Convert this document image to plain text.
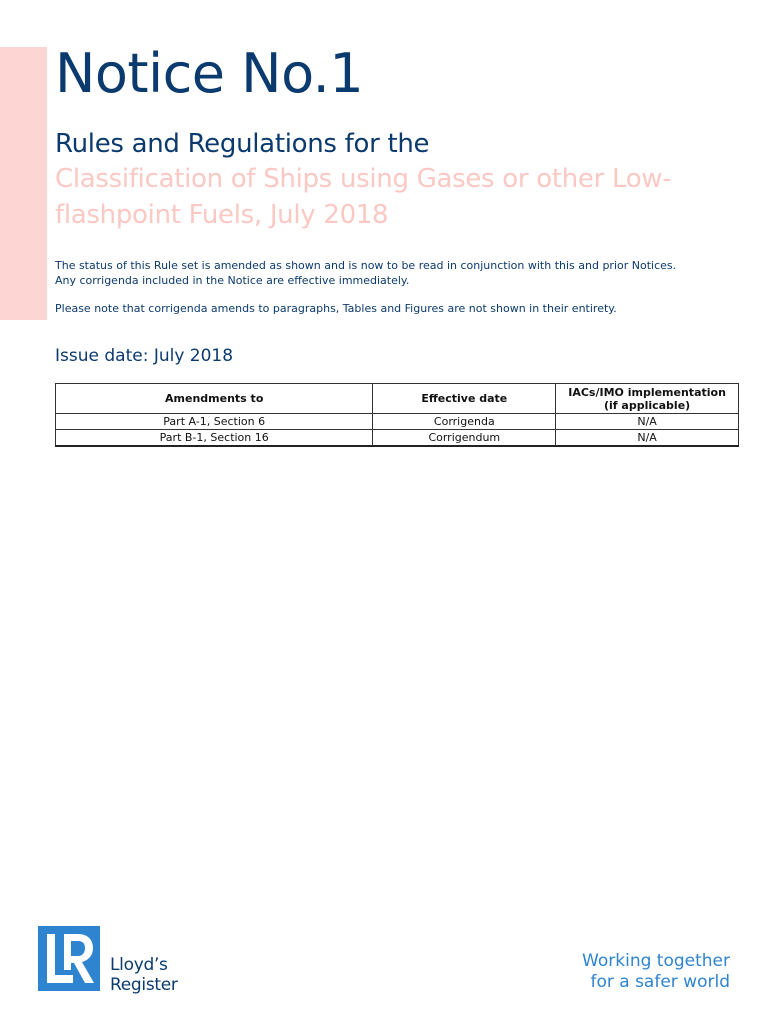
Notice No.1
Rules and Regulations for the
Classification of Ships using Gases or other Low-flashpoint Fuels, July 2018
The status of this Rule set is amended as shown and is now to be read in conjunction with this and prior Notices.
Any corrigenda included in the Notice are effective immediately.
Please note that corrigenda amends to paragraphs, Tables and Figures are not shown in their entirety.
Issue date: July 2018
Amendments to	Effective date	IACs/IMO implementation (if applicable)
Part A-1, Section 6	Corrigenda	N/A
Part B-1, Section 16	Corrigendum	N/A
Lloyd’s
Register
Working together
for a safer world
